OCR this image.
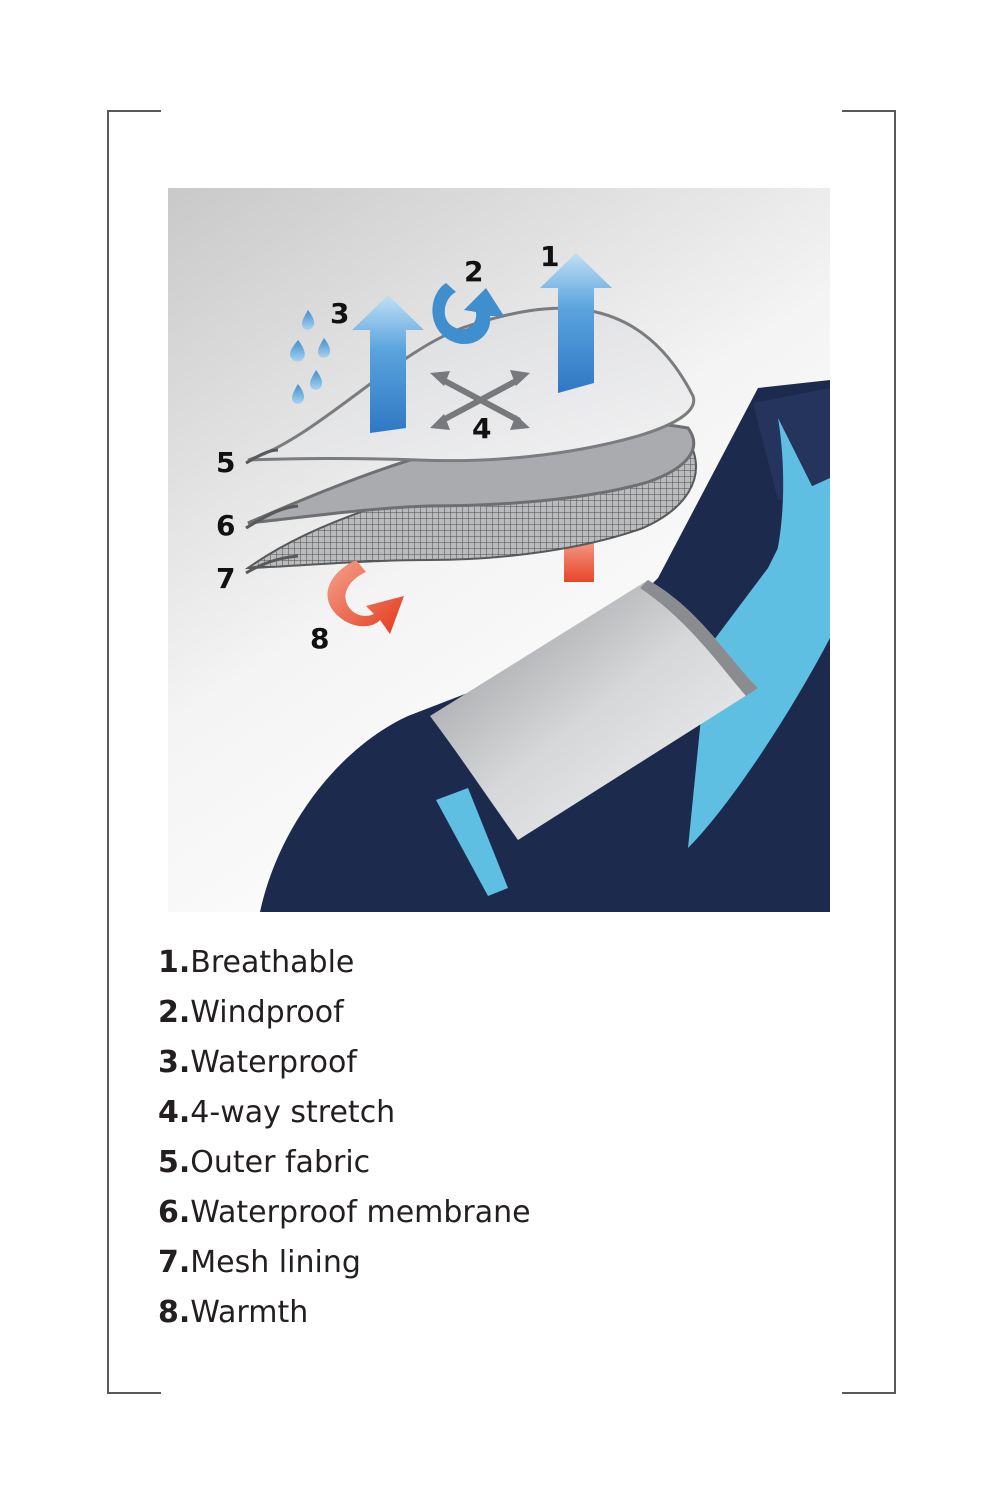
1
2
3
4
5
6
7
8
1.Breathable
2.Windproof
3.Waterproof
4.4-way stretch
5.Outer fabric
6.Waterproof membrane
7.Mesh lining
8.Warmth
